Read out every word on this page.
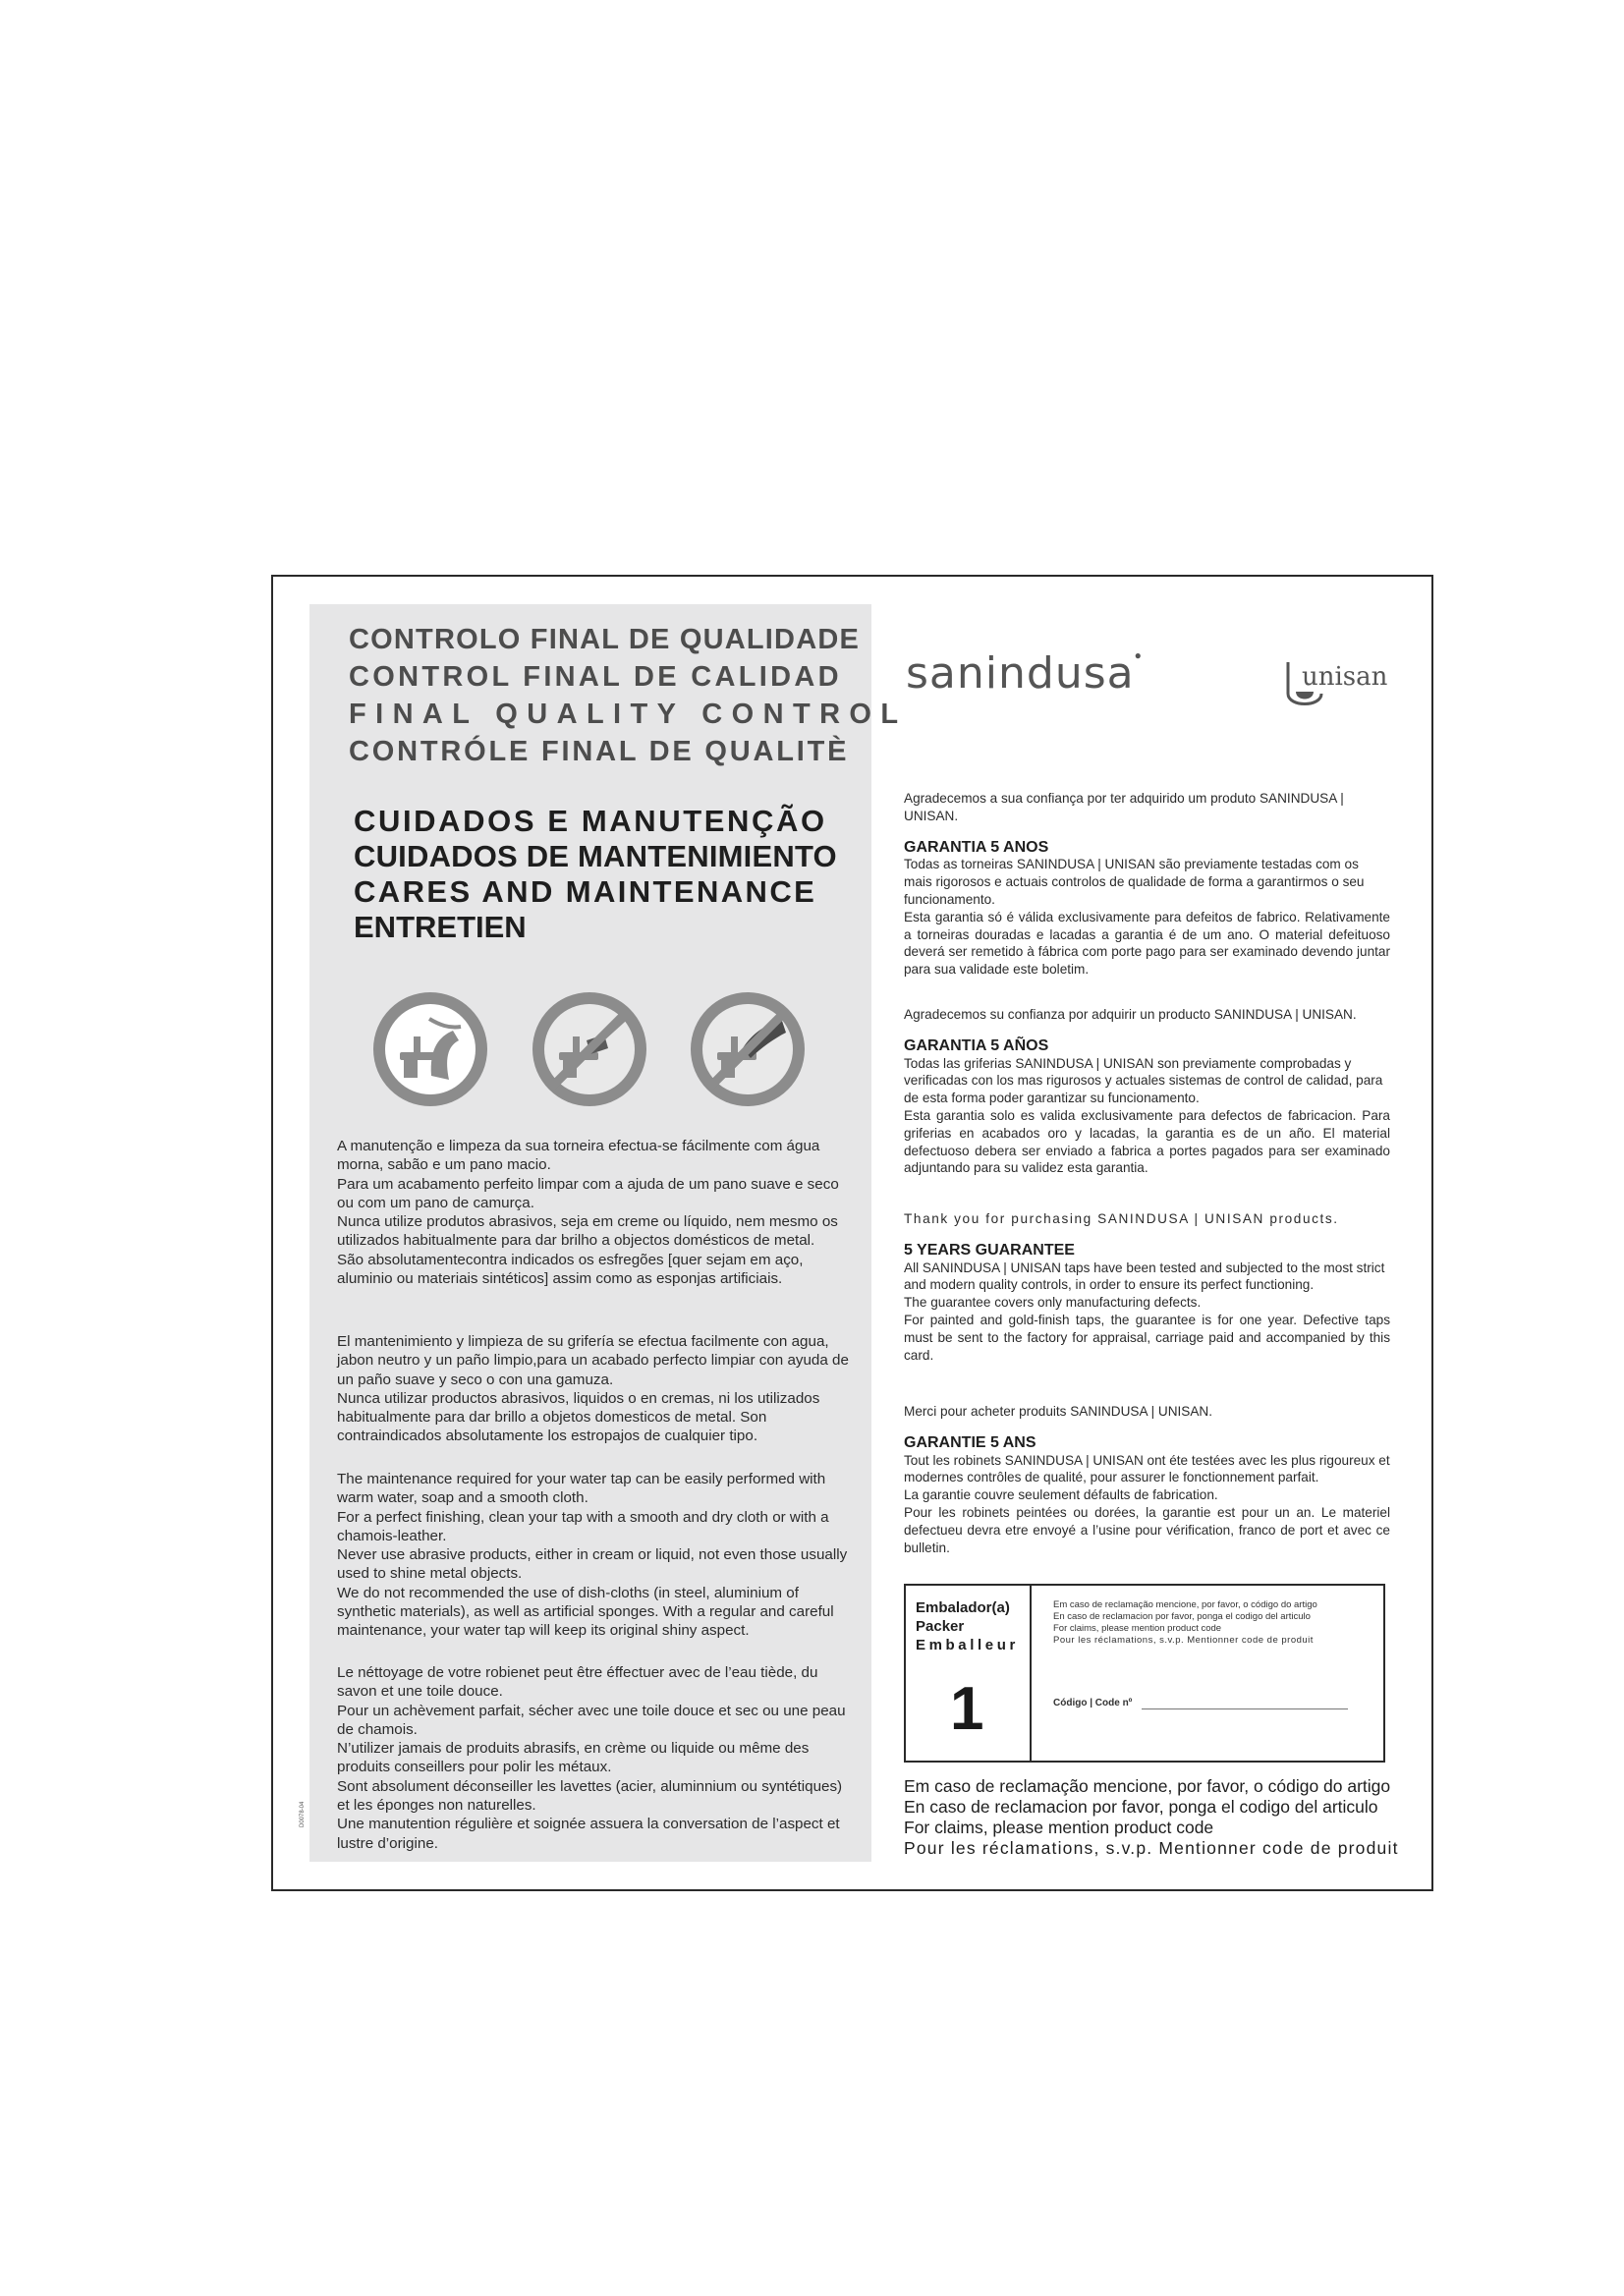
CONTROLO FINAL DE QUALIDADE
CONTROL FINAL DE CALIDAD
FINAL QUALITY CONTROL
CONTRÓLE FINAL DE QUALITÈ
CUIDADOS E MANUTENÇÃO
CUIDADOS DE MANTENIMIENTO
CARES AND MAINTENANCE
ENTRETIEN

A manutenção e limpeza da sua torneira efectua-se fácilmente com água morna, sabão e um pano macio.

Para um acabamento perfeito limpar com a ajuda de um pano suave e seco ou com um pano de camurça.

Nunca utilize produtos abrasivos, seja em creme ou líquido, nem mesmo os utilizados habitualmente para dar brilho a objectos domésticos de metal.

São absolutamentecontra indicados os esfregões [quer sejam em aço, aluminio ou materiais sintéticos] assim como as esponjas artificiais.

El mantenimiento y limpieza de su grifería se efectua facilmente con agua, jabon neutro y un paño limpio,para un acabado perfecto limpiar con ayuda de un paño suave y seco o con una gamuza.

Nunca utilizar productos abrasivos, liquidos o en cremas, ni los utilizados habitualmente para dar brillo a objetos domesticos de metal. Son contraindicados absolutamente los estropajos de cualquier tipo.

The maintenance required for your water tap can be easily performed with warm water, soap and a smooth cloth.

For a perfect finishing, clean your tap with a smooth and dry cloth or with a chamois-leather.

Never use abrasive products, either in cream or liquid, not even those usually used to shine metal objects.

We do not recommended the use of dish-cloths (in steel, aluminium of synthetic materials), as well as artificial sponges. With a regular and careful maintenance, your water tap will keep its original shiny aspect.

Le néttoyage de votre robienet peut être éffectuer avec de l’eau tiède, du savon et une toile douce.

Pour un achèvement parfait, sécher avec une toile douce et sec ou une peau de chamois.

N’utilizer jamais de produits abrasifs, en crème ou liquide ou même des produits conseillers pour polir les métaux.

Sont absolument déconseiller les lavettes (acier, aluminnium ou syntétiques) et les éponges non naturelles.

Une manutention régulière et soignée assuera la conversation de l’aspect et lustre d’origine.

D0078-04
sanindusa●
unisan

Agradecemos a sua confiança por ter adquirido um produto SANINDUSA | UNISAN.

GARANTIA 5 ANOS

Todas as torneiras SANINDUSA | UNISAN são previamente testadas com os mais rigorosos e actuais controlos de qualidade de forma a garantirmos o seu funcionamento.

Esta garantia só é válida exclusivamente para defeitos de fabrico. Relativamente a torneiras douradas e lacadas a garantia é de um ano. O material defeituoso deverá ser remetido à fábrica com porte pago para ser examinado devendo juntar para sua validade este boletim.

Agradecemos su confianza por adquirir un producto SANINDUSA | UNISAN.

GARANTIA 5 AÑOS

Todas las griferias SANINDUSA | UNISAN son previamente comprobadas y verificadas con los mas rigurosos y actuales sistemas de control de calidad, para de esta forma poder garantizar su funcionamento.

Esta garantia solo es valida exclusivamente para defectos de fabricacion. Para griferias en acabados oro y lacadas, la garantia es de un año. El material defectuoso debera ser enviado a fabrica a portes pagados para ser examinado adjuntando para su validez esta garantia.

Thank you for purchasing SANINDUSA | UNISAN products.

5 YEARS GUARANTEE

All SANINDUSA | UNISAN taps have been tested and subjected to the most strict and modern quality controls, in order to ensure its perfect functioning.

The guarantee covers only manufacturing defects.

For painted and gold-finish taps, the guarantee is for one year. Defective taps must be sent to the factory for appraisal, carriage paid and accompanied by this card.

Merci pour acheter produits SANINDUSA | UNISAN.

GARANTIE 5 ANS

Tout les robinets SANINDUSA | UNISAN ont éte testées avec les plus rigoureux et modernes contrôles de qualité, pour assurer le fonctionnement parfait.

La garantie couvre seulement défaults de fabrication.

Pour les robinets peintées ou dorées, la garantie est pour un an. Le materiel defectueu devra etre envoyé a l’usine pour vérification, franco de port et avec ce bulletin.

Embalador(a)
Packer
Emballeur
1
Em caso de reclamação mencione, por favor, o código do artigo
En caso de reclamacion por favor, ponga el codigo del articulo
For claims, please mention product code
Pour les réclamations, s.v.p. Mentionner code de produit
Código | Code nº
Em caso de reclamação mencione, por favor, o código do artigo
En caso de reclamacion por favor, ponga el codigo del articulo
For claims, please mention product code
Pour les réclamations, s.v.p. Mentionner code de produit
